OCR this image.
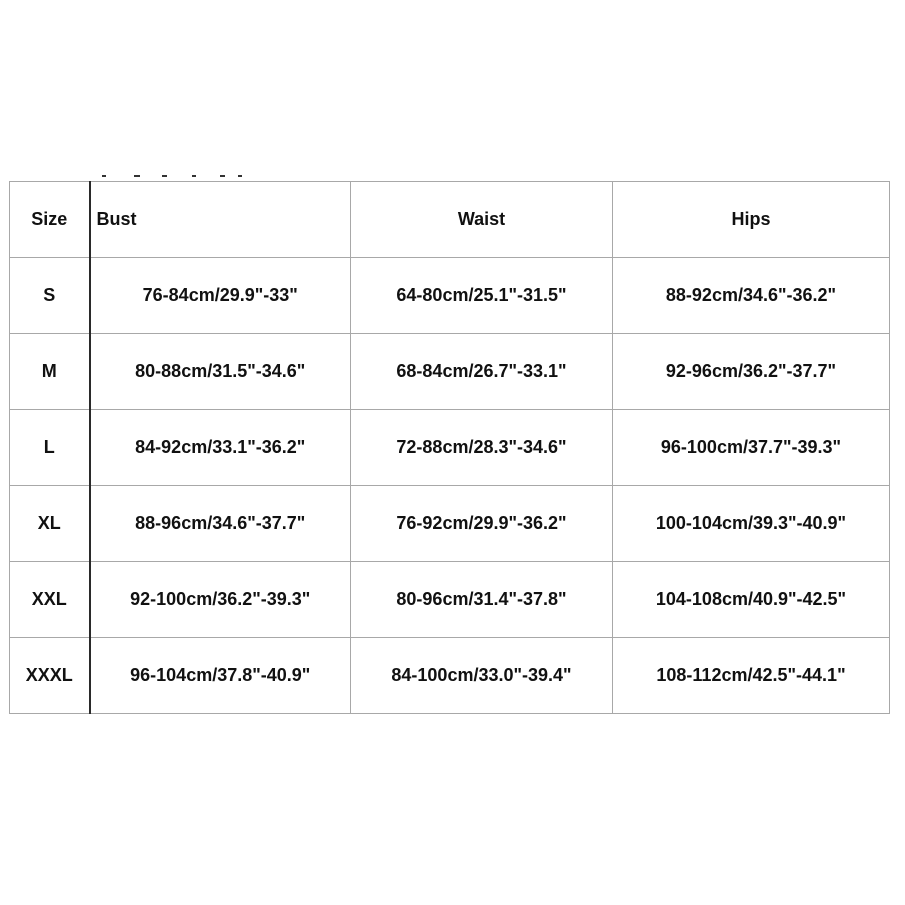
Size	Bust	Waist	Hips
S	76-84cm/29.9"-33"	64-80cm/25.1"-31.5"	88-92cm/34.6"-36.2"
M	80-88cm/31.5"-34.6"	68-84cm/26.7"-33.1"	92-96cm/36.2"-37.7"
L	84-92cm/33.1"-36.2"	72-88cm/28.3"-34.6"	96-100cm/37.7"-39.3"
XL	88-96cm/34.6"-37.7"	76-92cm/29.9"-36.2"	100-104cm/39.3"-40.9"
XXL	92-100cm/36.2"-39.3"	80-96cm/31.4"-37.8"	104-108cm/40.9"-42.5"
XXXL	96-104cm/37.8"-40.9"	84-100cm/33.0"-39.4"	108-112cm/42.5"-44.1"
